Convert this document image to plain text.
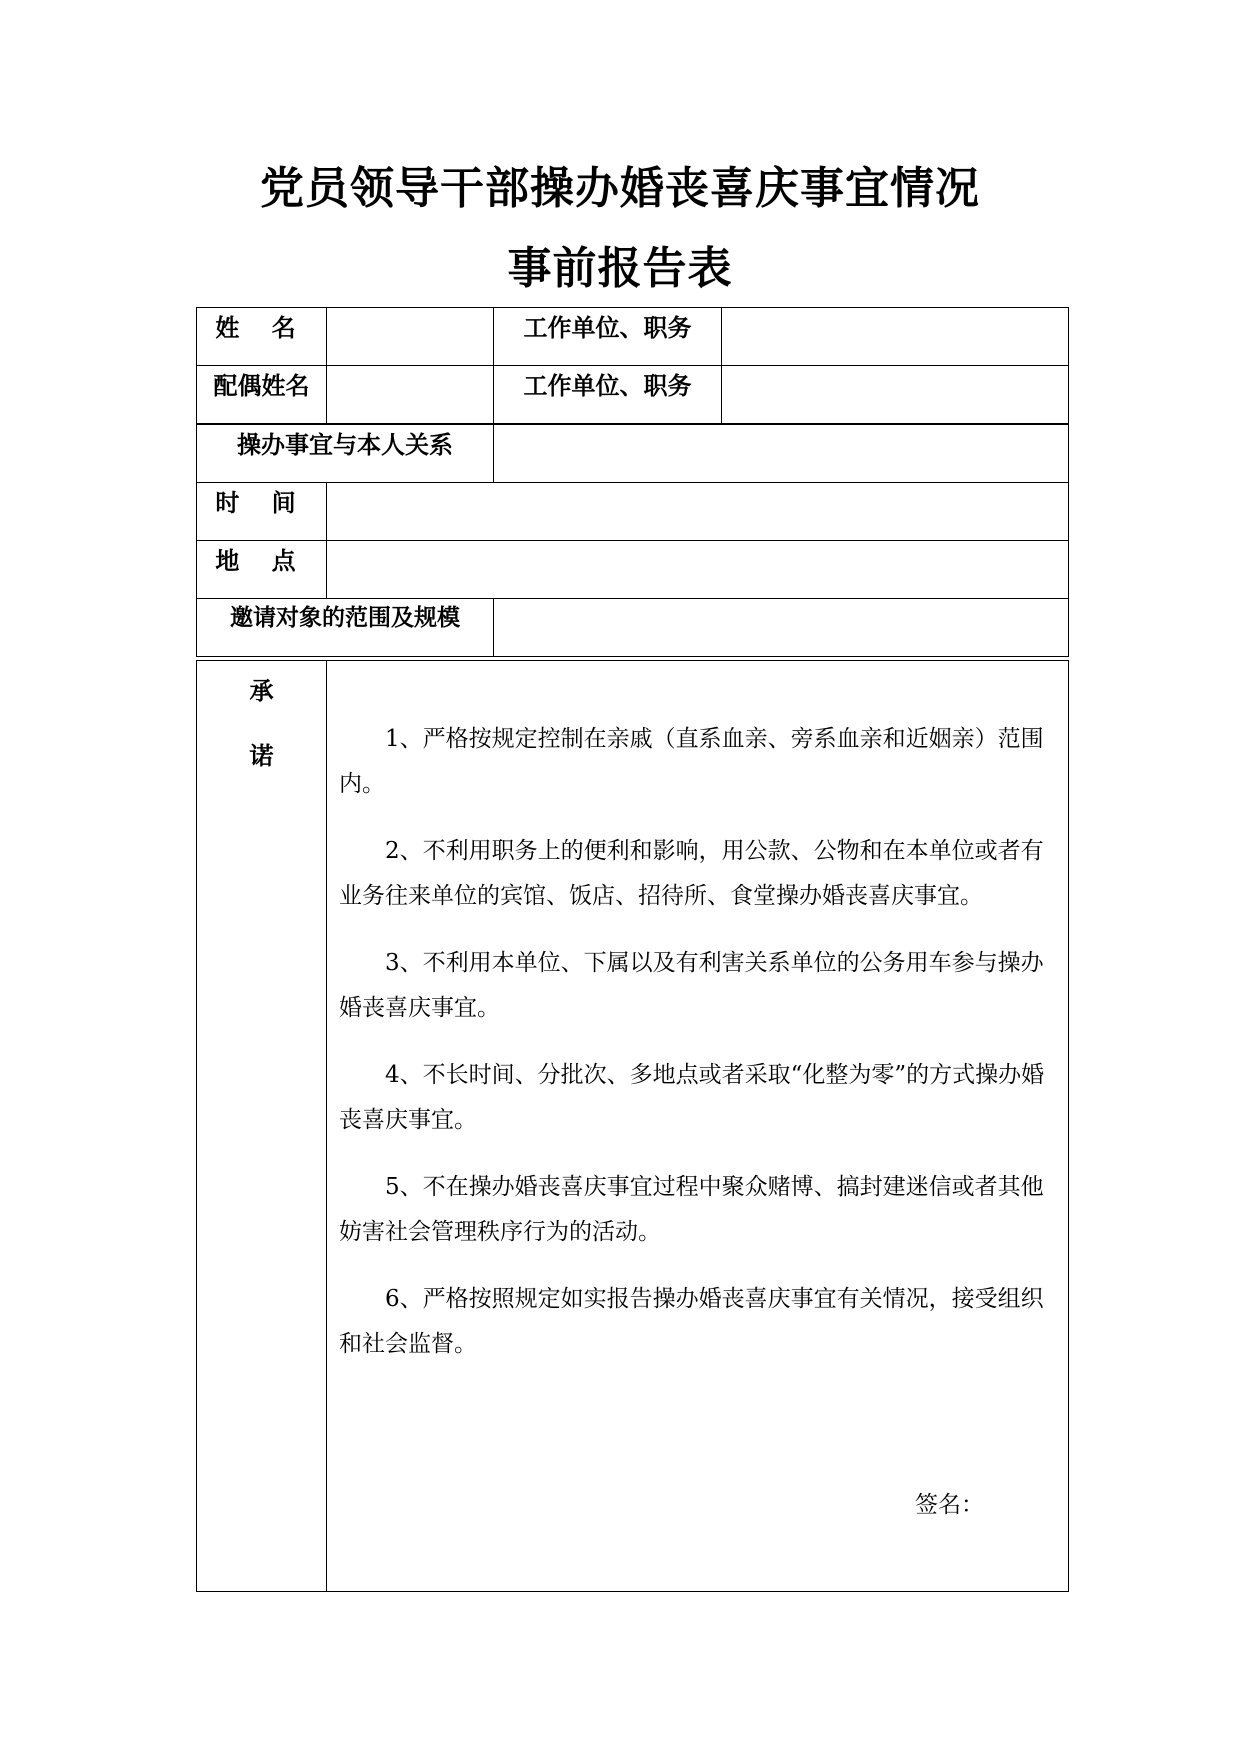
党员领导干部操办婚丧喜庆事宜情况
事前报告表
姓 名		工作单位、职务	
配偶姓名		工作单位、职务	
操办事宜与本人关系		
时 间		
地 点		
邀请对象的范围及规模		
承
诺

1、严格按规定控制在亲戚（直系血亲、旁系血亲和近姻亲）范围内。

2、不利用职务上的便利和影响，用公款、公物和在本单位或者有业务往来单位的宾馆、饭店、招待所、食堂操办婚丧喜庆事宜。

3、不利用本单位、下属以及有利害关系单位的公务用车参与操办婚丧喜庆事宜。

4、不长时间、分批次、多地点或者采取“化整为零”的方式操办婚丧喜庆事宜。

5、不在操办婚丧喜庆事宜过程中聚众赌博、搞封建迷信或者其他妨害社会管理秩序行为的活动。

6、严格按照规定如实报告操办婚丧喜庆事宜有关情况，接受组织和社会监督。

签名：
